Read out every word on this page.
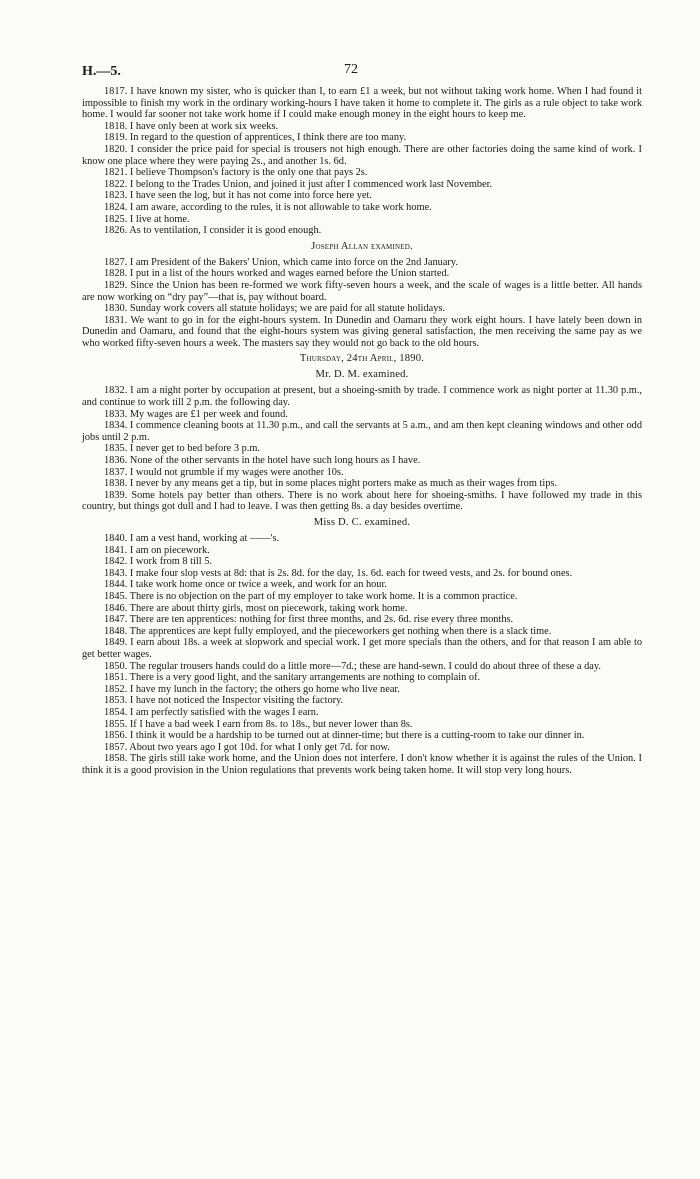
H.—5.	72

1817. I have known my sister, who is quicker than I, to earn £1 a week, but not without taking work home. When I had found it impossible to finish my work in the ordinary working-hours I have taken it home to complete it. The girls as a rule object to take work home. I would far sooner not take work home if I could make enough money in the eight hours to keep me.

1818. I have only been at work six weeks.

1819. In regard to the question of apprentices, I think there are too many.

1820. I consider the price paid for special is trousers not high enough. There are other factories doing the same kind of work. I know one place where they were paying 2s., and another 1s. 6d.

1821. I believe Thompson's factory is the only one that pays 2s.

1822. I belong to the Trades Union, and joined it just after I commenced work last November.

1823. I have seen the log, but it has not come into force here yet.

1824. I am aware, according to the rules, it is not allowable to take work home.

1825. I live at home.

1826. As to ventilation, I consider it is good enough.

Joseph Allan examined.

1827. I am President of the Bakers' Union, which came into force on the 2nd January.

1828. I put in a list of the hours worked and wages earned before the Union started.

1829. Since the Union has been re-formed we work fifty-seven hours a week, and the scale of wages is a little better. All hands are now working on “dry pay”—that is, pay without board.

1830. Sunday work covers all statute holidays; we are paid for all statute holidays.

1831. We want to go in for the eight-hours system. In Dunedin and Oamaru they work eight hours. I have lately been down in Dunedin and Oamaru, and found that the eight-hours system was giving general satisfaction, the men receiving the same pay as we who worked fifty-seven hours a week. The masters say they would not go back to the old hours.

Thursday, 24th April, 1890.
Mr. D. M. examined.

1832. I am a night porter by occupation at present, but a shoeing-smith by trade. I commence work as night porter at 11.30 p.m., and continue to work till 2 p.m. the following day.

1833. My wages are £1 per week and found.

1834. I commence cleaning boots at 11.30 p.m., and call the servants at 5 a.m., and am then kept cleaning windows and other odd jobs until 2 p.m.

1835. I never get to bed before 3 p.m.

1836. None of the other servants in the hotel have such long hours as I have.

1837. I would not grumble if my wages were another 10s.

1838. I never by any means get a tip, but in some places night porters make as much as their wages from tips.

1839. Some hotels pay better than others. There is no work about here for shoeing-smiths. I have followed my trade in this country, but things got dull and I had to leave. I was then getting 8s. a day besides overtime.

Miss D. C. examined.

1840. I am a vest hand, working at ——'s.

1841. I am on piecework.

1842. I work from 8 till 5.

1843. I make four slop vests at 8d: that is 2s. 8d. for the day, 1s. 6d. each for tweed vests, and 2s. for bound ones.

1844. I take work home once or twice a week, and work for an hour.

1845. There is no objection on the part of my employer to take work home. It is a common practice.

1846. There are about thirty girls, most on piecework, taking work home.

1847. There are ten apprentices: nothing for first three months, and 2s. 6d. rise every three months.

1848. The apprentices are kept fully employed, and the pieceworkers get nothing when there is a slack time.

1849. I earn about 18s. a week at slopwork and special work. I get more specials than the others, and for that reason I am able to get better wages.

1850. The regular trousers hands could do a little more—7d.; these are hand-sewn. I could do about three of these a day.

1851. There is a very good light, and the sanitary arrangements are nothing to complain of.

1852. I have my lunch in the factory; the others go home who live near.

1853. I have not noticed the Inspector visiting the factory.

1854. I am perfectly satisfied with the wages I earn.

1855. If I have a bad week I earn from 8s. to 18s., but never lower than 8s.

1856. I think it would be a hardship to be turned out at dinner-time; but there is a cutting-room to take our dinner in.

1857. About two years ago I got 10d. for what I only get 7d. for now.

1858. The girls still take work home, and the Union does not interfere. I don't know whether it is against the rules of the Union. I think it is a good provision in the Union regulations that prevents work being taken home. It will stop very long hours.
